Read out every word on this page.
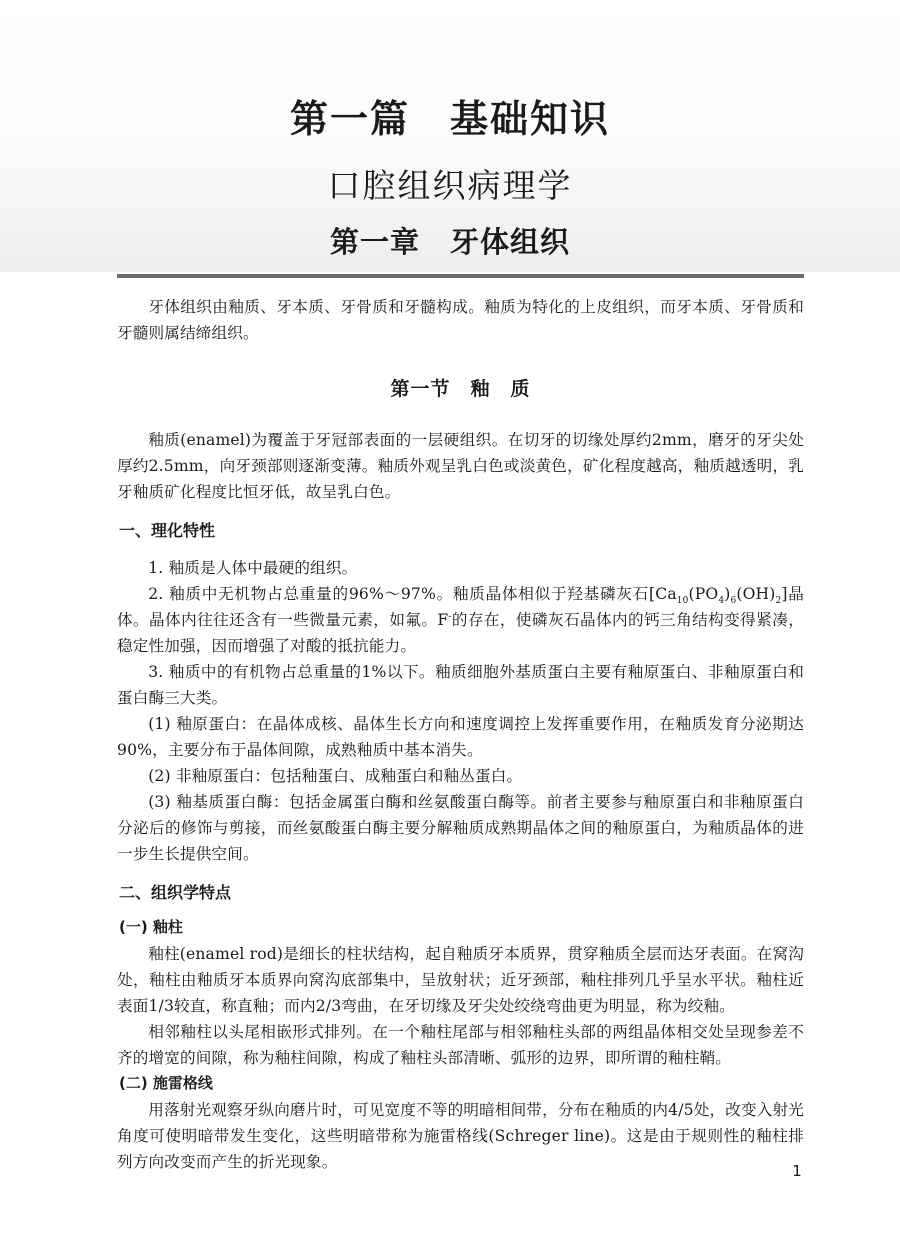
第一篇　基础知识
口腔组织病理学
第一章　牙体组织

牙体组织由釉质、牙本质、牙骨质和牙髓构成。釉质为特化的上皮组织，而牙本质、牙骨质和牙髓则属结缔组织。

第一节　釉　质

釉质(enamel)为覆盖于牙冠部表面的一层硬组织。在切牙的切缘处厚约2mm，磨牙的牙尖处厚约2.5mm，向牙颈部则逐渐变薄。釉质外观呈乳白色或淡黄色，矿化程度越高，釉质越透明，乳牙釉质矿化程度比恒牙低，故呈乳白色。

一、理化特性

1. 釉质是人体中最硬的组织。

2. 釉质中无机物占总重量的96%～97%。釉质晶体相似于羟基磷灰石$[Ca_{10}(PO_4)_6(OH)_2]$晶体。晶体内往往还含有一些微量元素，如氟。F-的存在，使磷灰石晶体内的钙三角结构变得紧凑，稳定性加强，因而增强了对酸的抵抗能力。

3. 釉质中的有机物占总重量的1%以下。釉质细胞外基质蛋白主要有釉原蛋白、非釉原蛋白和蛋白酶三大类。

(1) 釉原蛋白：在晶体成核、晶体生长方向和速度调控上发挥重要作用，在釉质发育分泌期达90%，主要分布于晶体间隙，成熟釉质中基本消失。

(2) 非釉原蛋白：包括釉蛋白、成釉蛋白和釉丛蛋白。

(3) 釉基质蛋白酶：包括金属蛋白酶和丝氨酸蛋白酶等。前者主要参与釉原蛋白和非釉原蛋白分泌后的修饰与剪接，而丝氨酸蛋白酶主要分解釉质成熟期晶体之间的釉原蛋白，为釉质晶体的进一步生长提供空间。

二、组织学特点
(一) 釉柱

釉柱(enamel rod)是细长的柱状结构，起自釉质牙本质界，贯穿釉质全层而达牙表面。在窝沟处，釉柱由釉质牙本质界向窝沟底部集中，呈放射状；近牙颈部，釉柱排列几乎呈水平状。釉柱近表面1/3较直，称直釉；而内2/3弯曲，在牙切缘及牙尖处绞绕弯曲更为明显，称为绞釉。

相邻釉柱以头尾相嵌形式排列。在一个釉柱尾部与相邻釉柱头部的两组晶体相交处呈现参差不齐的增宽的间隙，称为釉柱间隙，构成了釉柱头部清晰、弧形的边界，即所谓的釉柱鞘。

(二) 施雷格线

用落射光观察牙纵向磨片时，可见宽度不等的明暗相间带，分布在釉质的内4/5处，改变入射光角度可使明暗带发生变化，这些明暗带称为施雷格线(Schreger line)。这是由于规则性的釉柱排列方向改变而产生的折光现象。	1
